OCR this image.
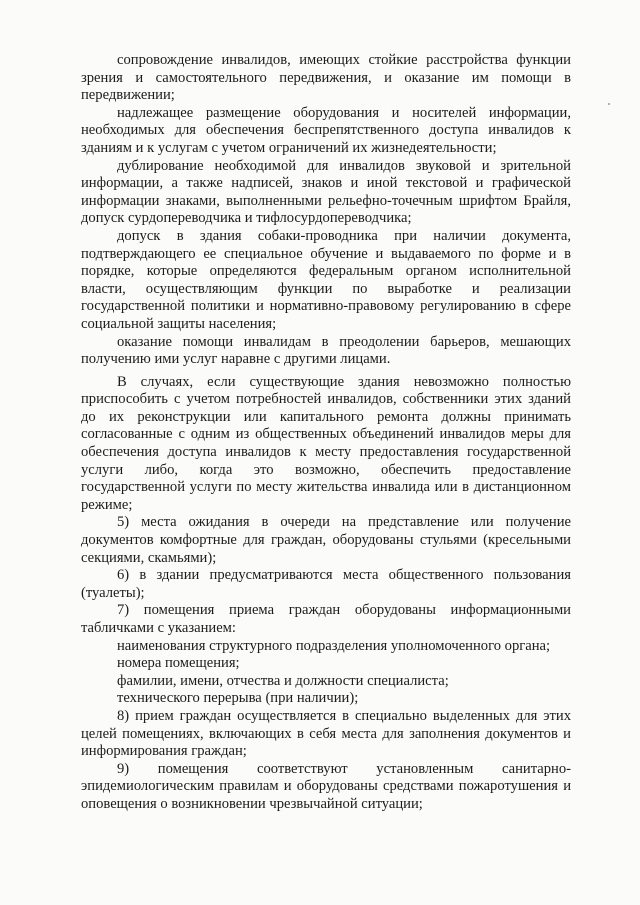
сопровождение инвалидов, имеющих стойкие расстройства функции зрения и самостоятельного передвижения, и оказание им помощи в передвижении;

надлежащее размещение оборудования и носителей информации, необходимых для обеспечения беспрепятственного доступа инвалидов к зданиям и к услугам с учетом ограничений их жизнедеятельности;

дублирование необходимой для инвалидов звуковой и зрительной информации, а также надписей, знаков и иной текстовой и графической информации знаками, выполненными рельефно-точечным шрифтом Брайля, допуск сурдопереводчика и тифлосурдопереводчика;

допуск в здания собаки-проводника при наличии документа, подтверждающего ее специальное обучение и выдаваемого по форме и в порядке, которые определяются федеральным органом исполнительной власти, осуществляющим функции по выработке и реализации государственной политики и нормативно-правовому регулированию в сфере социальной защиты населения;

оказание помощи инвалидам в преодолении барьеров, мешающих получению ими услуг наравне с другими лицами.

В случаях, если существующие здания невозможно полностью приспособить с учетом потребностей инвалидов, собственники этих зданий до их реконструкции или капитального ремонта должны принимать согласованные с одним из общественных объединений инвалидов меры для обеспечения доступа инвалидов к месту предоставления государственной услуги либо, когда это возможно, обеспечить предоставление государственной услуги по месту жительства инвалида или в дистанционном режиме;

5) места ожидания в очереди на представление или получение документов комфортные для граждан, оборудованы стульями (кресельными секциями, скамьями);

6) в здании предусматриваются места общественного пользования (туалеты);

7) помещения приема граждан оборудованы информационными табличками с указанием:

наименования структурного подразделения уполномоченного органа;

номера помещения;

фамилии, имени, отчества и должности специалиста;

технического перерыва (при наличии);

8) прием граждан осуществляется в специально выделенных для этих целей помещениях, включающих в себя места для заполнения документов и информирования граждан;

9) помещения соответствуют установленным санитарно-эпидемиологическим правилам и оборудованы средствами пожаротушения и оповещения о возникновении чрезвычайной ситуации;
